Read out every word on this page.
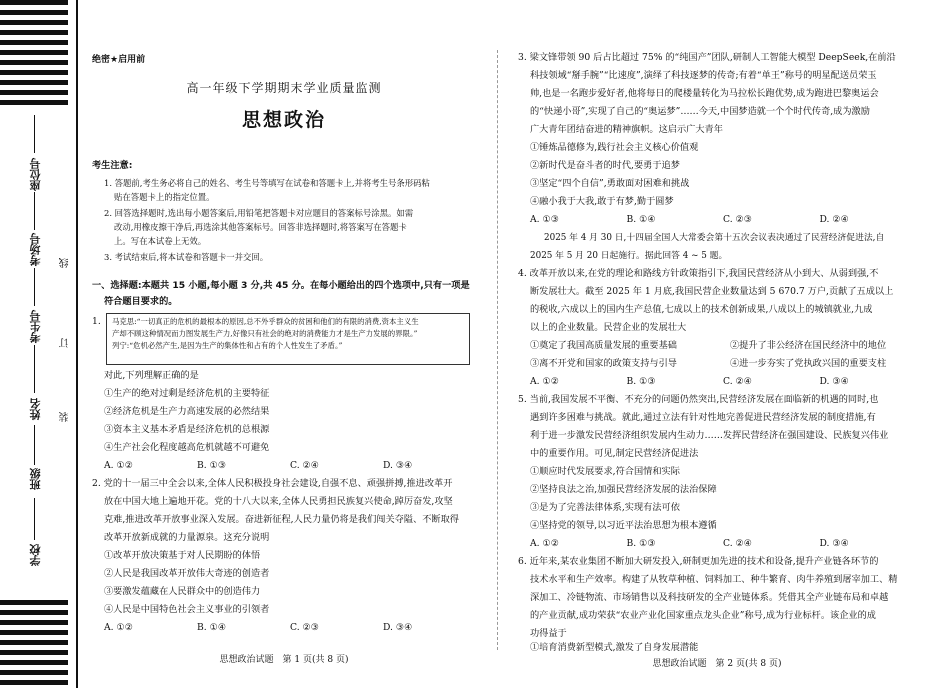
座位号
考场号
考生号
姓名
班级
学校
线
订
装
绝密★启用前
高一年级下学期期末学业质量监测
思想政治
考生注意:
1. 答题前,考生务必将自己的姓名、考生号等填写在试卷和答题卡上,并将考生号条形码粘
贴在答题卡上的指定位置。
2. 回答选择题时,选出每小题答案后,用铅笔把答题卡对应题目的答案标号涂黑。如需
改动,用橡皮擦干净后,再选涂其他答案标号。回答非选择题时,将答案写在答题卡
上。写在本试卷上无效。
3. 考试结束后,将本试卷和答题卡一并交回。
一、选择题:本题共 15 小题,每小题 3 分,共 45 分。在每小题给出的四个选项中,只有一项是
符合题目要求的。
1.	马克思:“一切真正的危机的最根本的原因,总不外乎群众的贫困和他们的有限的消费,资本主义生
产却不顾这种情况而力图发展生产力,好像只有社会的绝对的消费能力才是生产力发展的界限。”
列宁:“危机必然产生,是因为生产的集体性和占有的个人性发生了矛盾。”
对此,下列理解正确的是
①生产的绝对过剩是经济危机的主要特征
②经济危机是生产力高速发展的必然结果
③资本主义基本矛盾是经济危机的总根源
④生产社会化程度越高危机就越不可避免
A. ①②	B. ①③	C. ②④	D. ③④
2. 党的十一届三中全会以来,全体人民积极投身社会建设,自强不息、顽强拼搏,推进改革开
放在中国大地上遍地开花。党的十八大以来,全体人民勇担民族复兴使命,踔厉奋发,攻坚
克难,推进改革开放事业深入发展。奋进新征程,人民力量仍将是我们闯关夺隘、不断取得
改革开放新成就的力量源泉。这充分说明
①改革开放决策基于对人民期盼的体悟
②人民是我国改革开放伟大奇迹的创造者
③要激发蕴藏在人民群众中的创造伟力
④人民是中国特色社会主义事业的引领者
A. ①②	B. ①④	C. ②③	D. ③④
思想政治试题　第 1 页(共 8 页)
3. 梁文锋带领 90 后占比超过 75% 的“纯国产”团队,研制人工智能大模型 DeepSeek,在前沿
科技领域“掰手腕”“比速度”,演绎了科技逐梦的传奇;有着“单王”称号的明星配送员荣玉
帅,也是一名跑步爱好者,他将每日的爬楼量转化为马拉松长跑优势,成为跑进巴黎奥运会
的“快递小哥”,实现了自己的“奥运梦”……今天,中国梦造就一个个时代传奇,成为激励
广大青年团结奋进的精神旗帜。这启示广大青年
①锤炼品德修为,践行社会主义核心价值观
②新时代是奋斗者的时代,要勇于追梦
③坚定“四个自信”,勇敢面对困难和挑战
④融小我于大我,敢于有梦,勤于圆梦
A. ①③	B. ①④	C. ②③	D. ②④
2025 年 4 月 30 日,十四届全国人大常委会第十五次会议表决通过了民营经济促进法,自
2025 年 5 月 20 日起施行。据此回答 4 ~ 5 题。
4. 改革开放以来,在党的理论和路线方针政策指引下,我国民营经济从小到大、从弱到强,不
断发展壮大。截至 2025 年 1 月底,我国民营企业数量达到 5 670.7 万户,贡献了五成以上
的税收,六成以上的国内生产总值,七成以上的技术创新成果,八成以上的城镇就业,九成
以上的企业数量。民营企业的发展壮大
①奠定了我国高质量发展的重要基础	②提升了非公经济在国民经济中的地位
③离不开党和国家的政策支持与引导	④进一步夯实了党执政兴国的重要支柱
A. ①②	B. ①③	C. ②④	D. ③④
5. 当前,我国发展不平衡、不充分的问题仍然突出,民营经济发展在面临新的机遇的同时,也
遇到许多困难与挑战。就此,通过立法有针对性地完善促进民营经济发展的制度措施,有
利于进一步激发民营经济组织发展内生动力……发挥民营经济在强国建设、民族复兴伟业
中的重要作用。可见,制定民营经济促进法
①顺应时代发展要求,符合国情和实际
②坚持良法之治,加强民营经济发展的法治保障
③是为了完善法律体系,实现有法可依
④坚持党的领导,以习近平法治思想为根本遵循
A. ①②	B. ①③	C. ②④	D. ③④
6. 近年来,某农业集团不断加大研发投入,研制更加先进的技术和设备,提升产业链各环节的
技术水平和生产效率。构建了从牧草种植、饲料加工、种牛繁育、肉牛养殖到屠宰加工、精
深加工、冷链物流、市场销售以及科技研发的全产业链体系。凭借其全产业链布局和卓越
的产业贡献,成功荣获“农业产业化国家重点龙头企业”称号,成为行业标杆。该企业的成
功得益于
①培育消费新型模式,激发了自身发展潜能
思想政治试题　第 2 页(共 8 页)
